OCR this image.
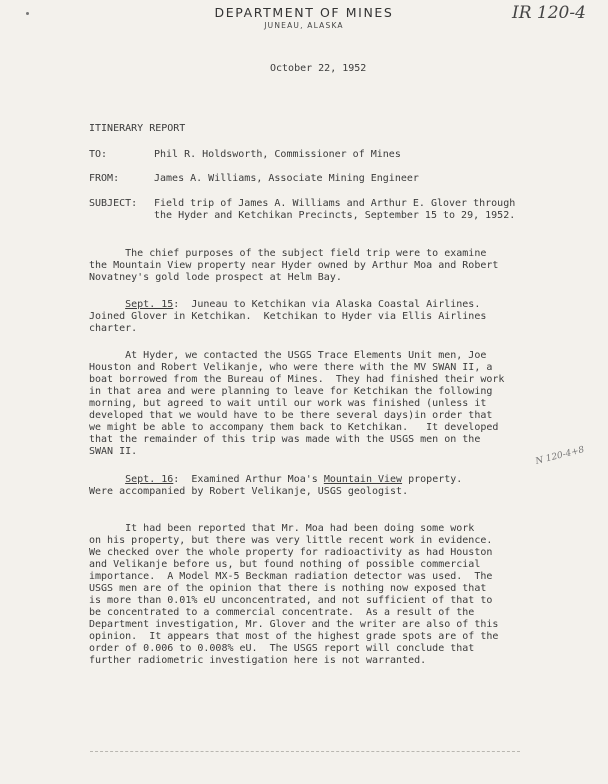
DEPARTMENT OF MINES
JUNEAU, ALASKA
IR 120-4
N 120-4+8
October 22, 1952
ITINERARY REPORT
TO:	Phil R. Holdsworth, Commissioner of Mines
FROM:	James A. Williams, Associate Mining Engineer
SUBJECT: Field trip of James A. Williams and Arthur E. Glover through
the Hyder and Ketchikan Precincts, September 15 to 29, 1952.
The chief purposes of the subject field trip were to examine
the Mountain View property near Hyder owned by Arthur Moa and Robert
Novatney's gold lode prospect at Helm Bay.
Sept. 15:  Juneau to Ketchikan via Alaska Coastal Airlines.
Joined Glover in Ketchikan.  Ketchikan to Hyder via Ellis Airlines
charter.
At Hyder, we contacted the USGS Trace Elements Unit men, Joe
Houston and Robert Velikanje, who were there with the MV SWAN II, a
boat borrowed from the Bureau of Mines.  They had finished their work
in that area and were planning to leave for Ketchikan the following
morning, but agreed to wait until our work was finished (unless it
developed that we would have to be there several days)in order that
we might be able to accompany them back to Ketchikan.   It developed
that the remainder of this trip was made with the USGS men on the
SWAN II.
Sept. 16:  Examined Arthur Moa's Mountain View property.
Were accompanied by Robert Velikanje, USGS geologist.
It had been reported that Mr. Moa had been doing some work
on his property, but there was very little recent work in evidence.
We checked over the whole property for radioactivity as had Houston
and Velikanje before us, but found nothing of possible commercial
importance.  A Model MX-5 Beckman radiation detector was used.  The
USGS men are of the opinion that there is nothing now exposed that
is more than 0.01% eU unconcentrated, and not sufficient of that to
be concentrated to a commercial concentrate.  As a result of the
Department investigation, Mr. Glover and the writer are also of this
opinion.  It appears that most of the highest grade spots are of the
order of 0.006 to 0.008% eU.  The USGS report will conclude that
further radiometric investigation here is not warranted.
